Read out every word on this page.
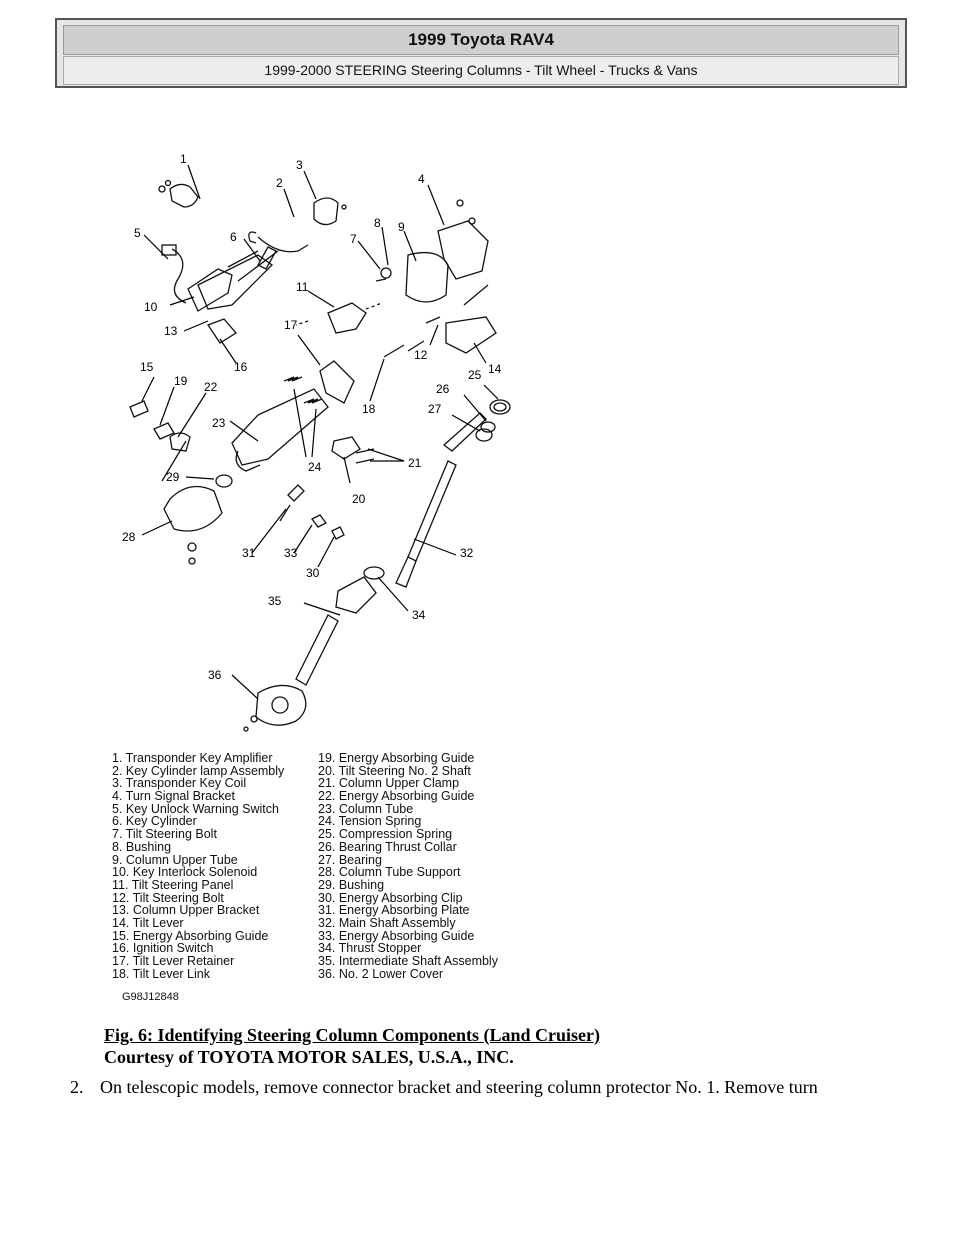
1999 Toyota RAV4
1999-2000 STEERING Steering Columns - Tilt Wheel - Trucks & Vans
1
2
3
4
5	6	7
8 9
10
11
12
13
14
15	16
17
18
19
20
21
22
23
24
25
26
27
28
29
30
31	32
33
34
35
36
1. Transponder Key Amplifier
2. Key Cylinder lamp Assembly
3. Transponder Key Coil
4. Turn Signal Bracket
5. Key Unlock Warning Switch
6. Key Cylinder
7. Tilt Steering Bolt
8. Bushing
9. Column Upper Tube
10. Key Interlock Solenoid
11. Tilt Steering Panel
12. Tilt Steering Bolt
13. Column Upper Bracket
14. Tilt Lever
15. Energy Absorbing Guide
16. Ignition Switch
17. Tilt Lever Retainer
18. Tilt Lever Link
19. Energy Absorbing Guide
20. Tilt Steering No. 2 Shaft
21. Column Upper Clamp
22. Energy Absorbing Guide
23. Column Tube
24. Tension Spring
25. Compression Spring
26. Bearing Thrust Collar
27. Bearing
28. Column Tube Support
29. Bushing
30. Energy Absorbing Clip
31. Energy Absorbing Plate
32. Main Shaft Assembly
33. Energy Absorbing Guide
34. Thrust Stopper
35. Intermediate Shaft Assembly
36. No. 2 Lower Cover
G98J12848
Fig. 6: Identifying Steering Column Components (Land Cruiser)
Courtesy of TOYOTA MOTOR SALES, U.S.A., INC.
2. On telescopic models, remove connector bracket and steering column protector No. 1. Remove turn
